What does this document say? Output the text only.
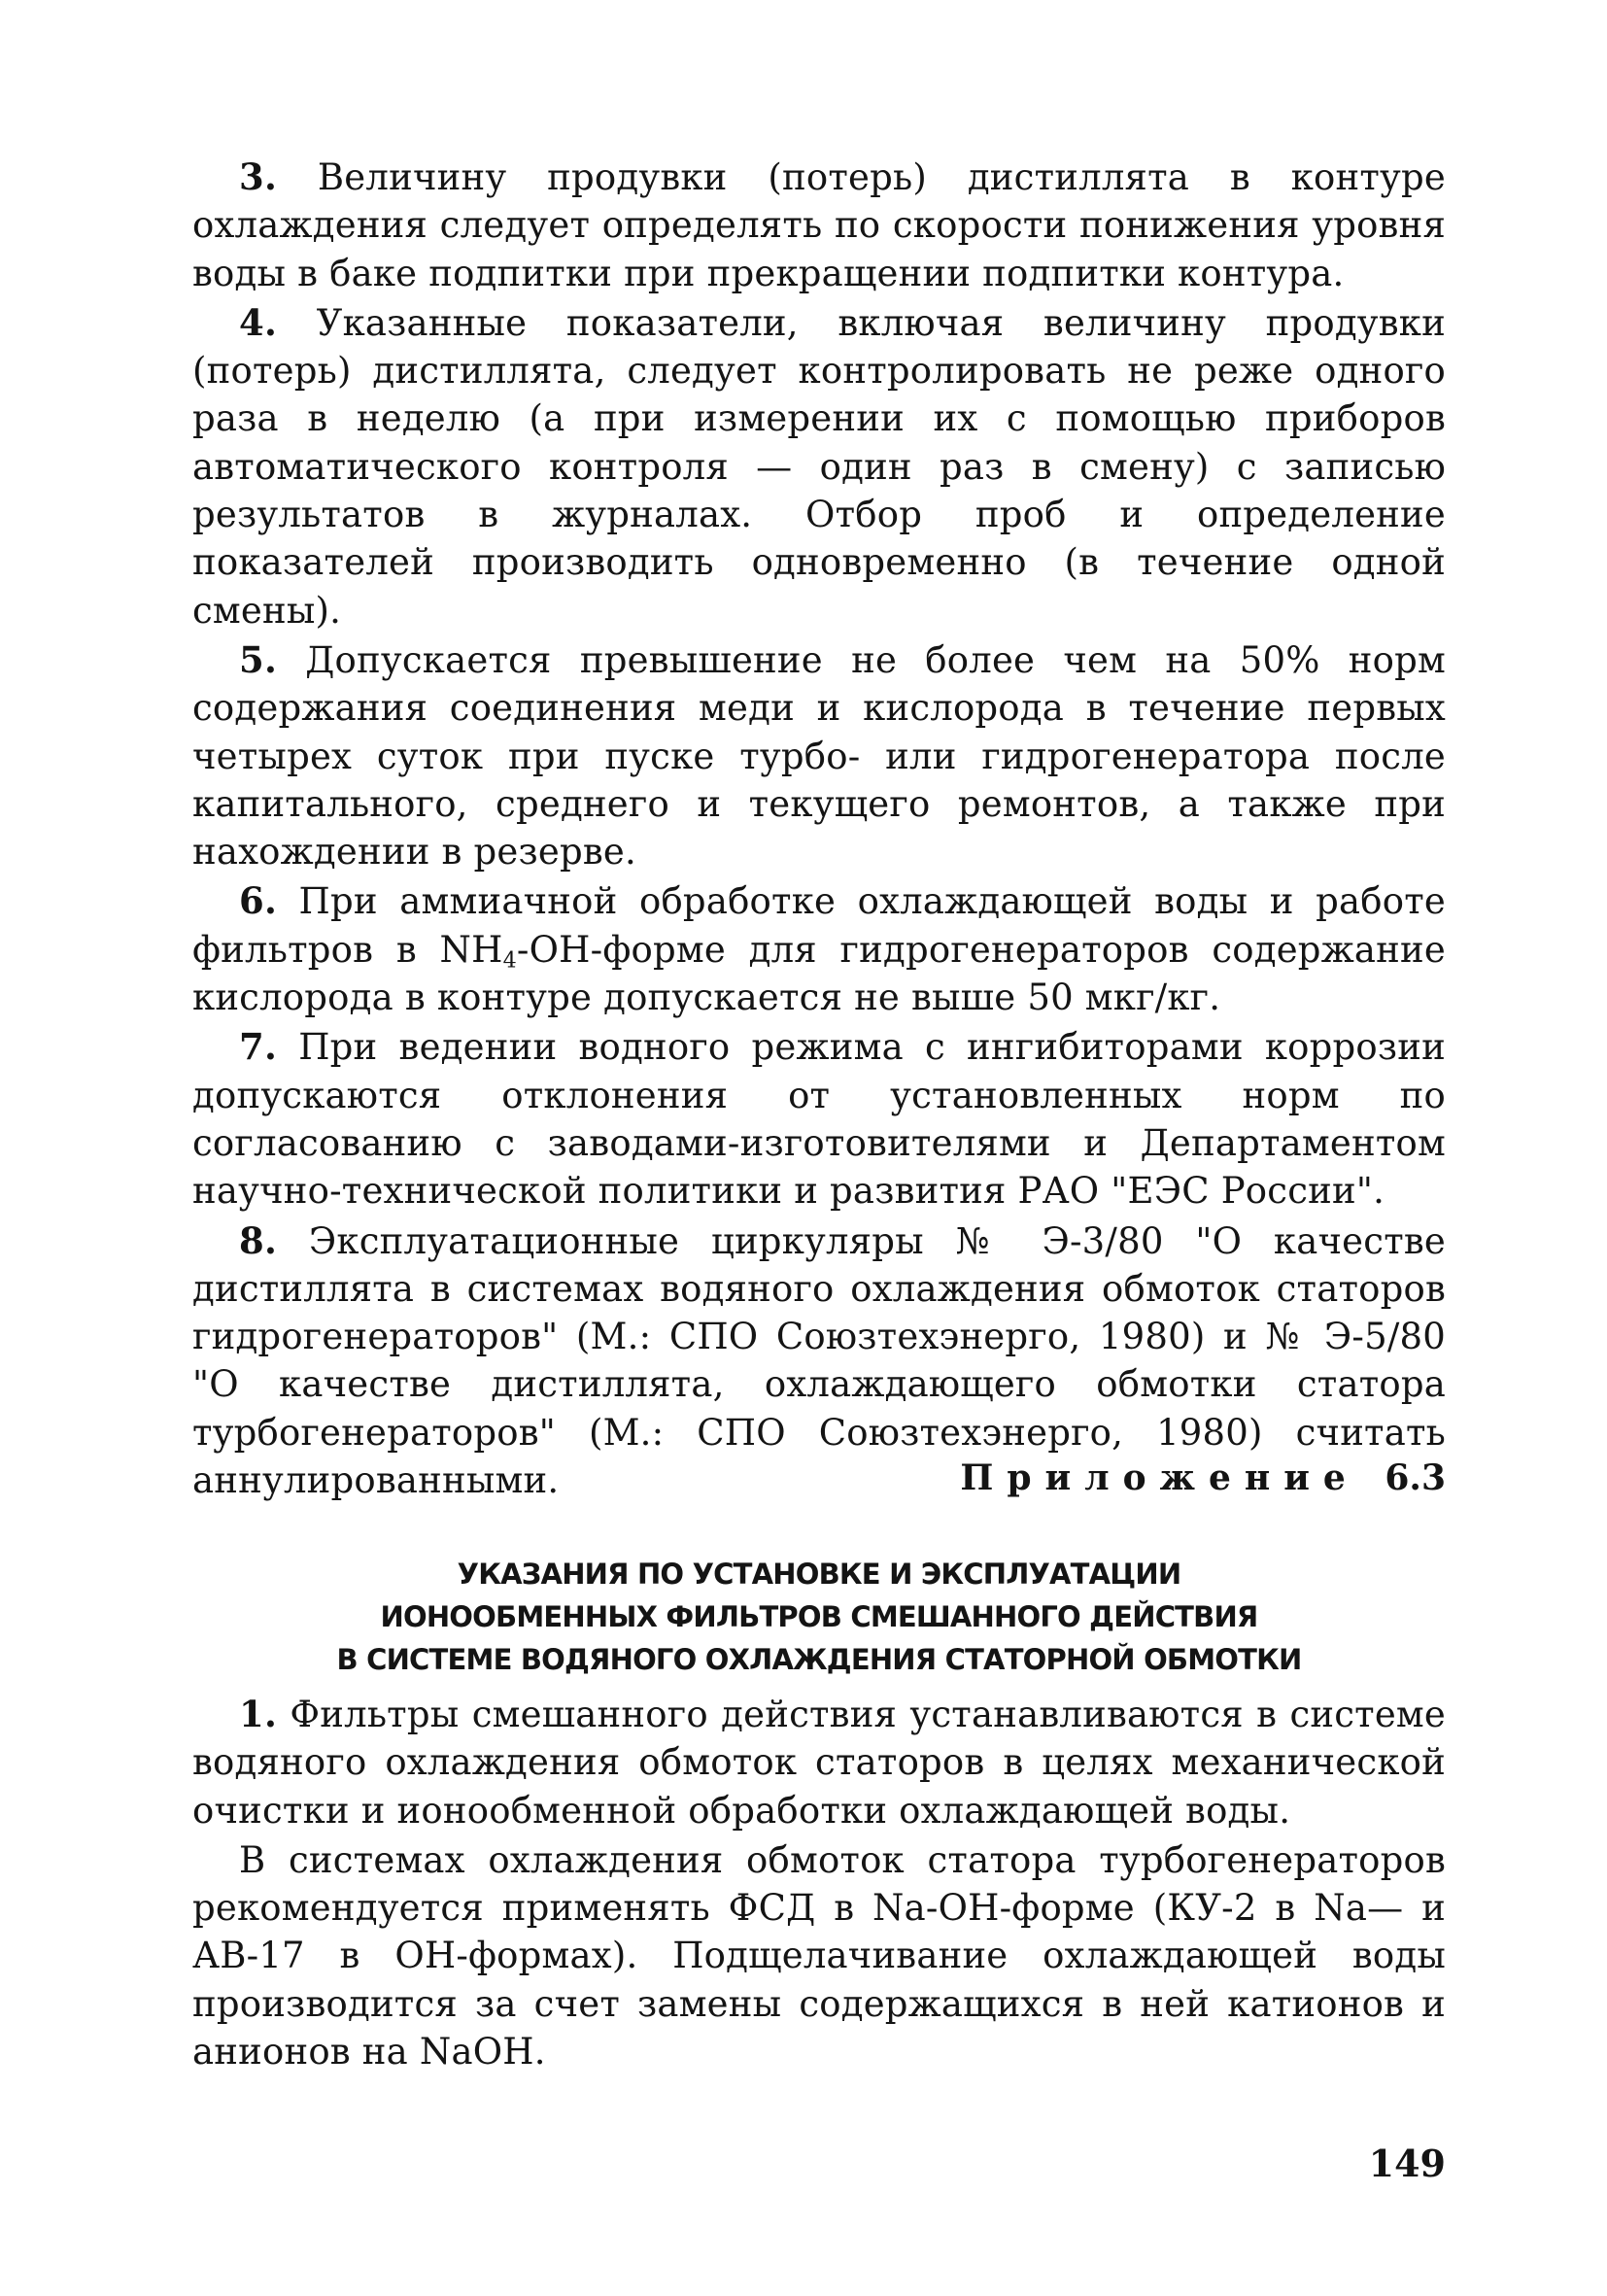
3. Величину продувки (потерь) дистиллята в контуре охлаждения следует определять по скорости понижения уровня воды в баке подпитки при прекращении подпитки контура.

4. Указанные показатели, включая величину продувки (потерь) дистиллята, следует контролировать не реже одного раза в неделю (а при измерении их с помощью приборов автоматического контроля — один раз в смену) с записью результатов в журналах. Отбор проб и определение показателей производить одновременно (в течение одной смены).

5. Допускается превышение не более чем на 50% норм содержания соединения меди и кислорода в течение первых четырех суток при пуске турбо- или гидрогенератора после капитального, среднего и текущего ремонтов, а также при нахождении в резерве.

6. При аммиачной обработке охлаждающей воды и работе фильтров в $NH_4-OH$-форме для гидрогенераторов содержание кислорода в контуре допускается не выше 50 мкг/кг.

7. При ведении водного режима с ингибиторами коррозии допускаются отклонения от установленных норм по согласованию с заводами-изготовителями и Департаментом научно-технической политики и развития РАО "ЕЭС России".

8. Эксплуатационные циркуляры № Э-3/80 "О качестве дистиллята в системах водяного охлаждения обмоток статоров гидрогенераторов" (М.: СПО Союзтехэнерго, 1980) и № Э-5/80 "О качестве дистиллята, охлаждающего обмотки статора турбогенераторов" (М.: СПО Союзтехэнерго, 1980) считать аннулированными.	Приложение 6.3

УКАЗАНИЯ ПО УСТАНОВКЕ И ЭКСПЛУАТАЦИИ
ИОНООБМЕННЫХ ФИЛЬТРОВ СМЕШАННОГО ДЕЙСТВИЯ
В СИСТЕМЕ ВОДЯНОГО ОХЛАЖДЕНИЯ СТАТОРНОЙ ОБМОТКИ

1. Фильтры смешанного действия устанавливаются в системе водяного охлаждения обмоток статоров в целях механической очистки и ионообменной обработки охлаждающей воды.

В системах охлаждения обмоток статора турбогенераторов рекомендуется применять ФСД в Na-OH-форме (КУ-2 в Na— и АВ-17 в OH-формах). Подщелачивание охлаждающей воды производится за счет замены содержащихся в ней катионов и анионов на NaOH.

149
